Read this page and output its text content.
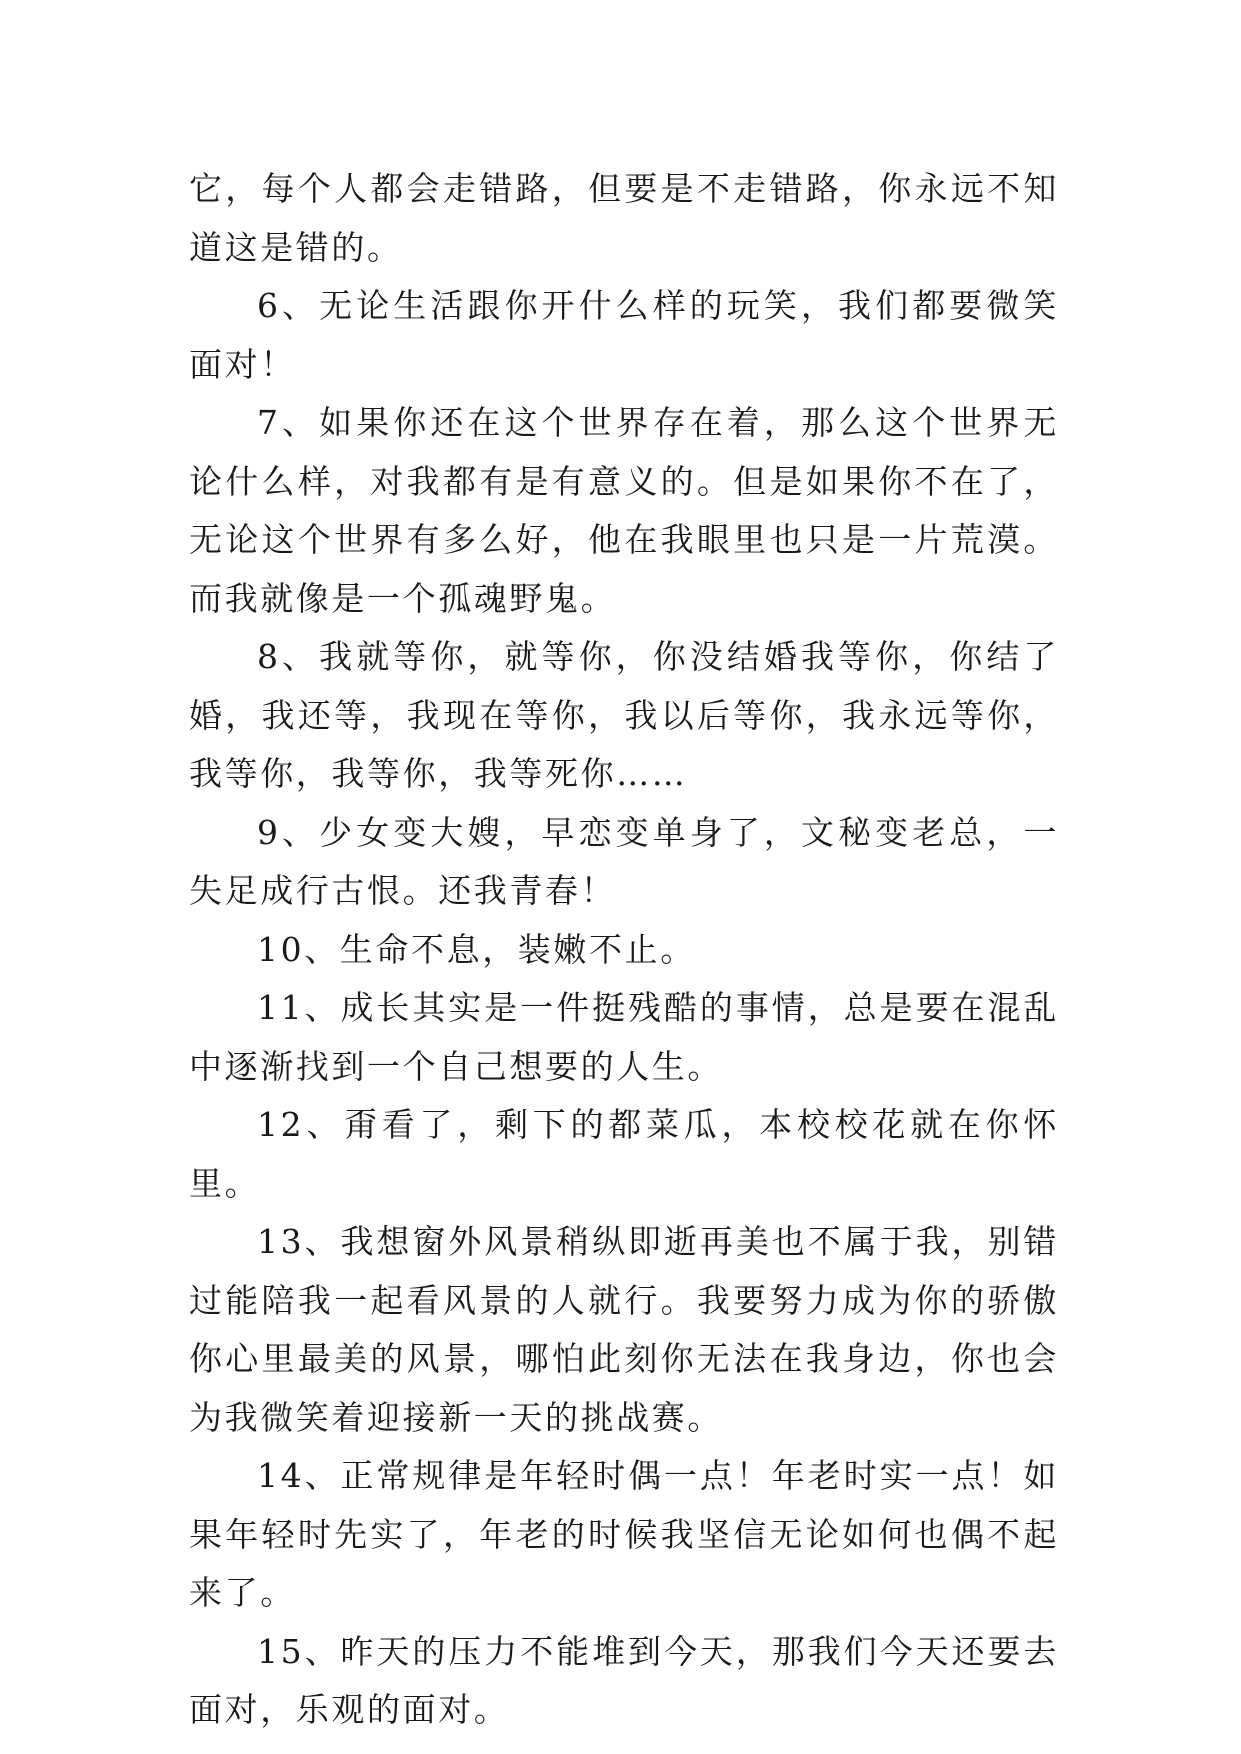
它，每个人都会走错路，但要是不走错路，你永远不知道这是错的。

6、无论生活跟你开什么样的玩笑，我们都要微笑面对！

7、如果你还在这个世界存在着，那么这个世界无论什么样，对我都有是有意义的。但是如果你不在了，无论这个世界有多么好，他在我眼里也只是一片荒漠。而我就像是一个孤魂野鬼。

8、我就等你，就等你，你没结婚我等你，你结了婚，我还等，我现在等你，我以后等你，我永远等你，我等你，我等你，我等死你……

9、少女变大嫂，早恋变单身了，文秘变老总，一失足成行古恨。还我青春！

10、生命不息，装嫩不止。

11、成长其实是一件挺残酷的事情，总是要在混乱中逐渐找到一个自己想要的人生。

12、甭看了，剩下的都菜瓜，本校校花就在你怀里。

13、我想窗外风景稍纵即逝再美也不属于我，别错过能陪我一起看风景的人就行。我要努力成为你的骄傲你心里最美的风景，哪怕此刻你无法在我身边，你也会为我微笑着迎接新一天的挑战赛。

14、正常规律是年轻时偶一点！年老时实一点！如果年轻时先实了，年老的时候我坚信无论如何也偶不起来了。

15、昨天的压力不能堆到今天，那我们今天还要去面对，乐观的面对。
